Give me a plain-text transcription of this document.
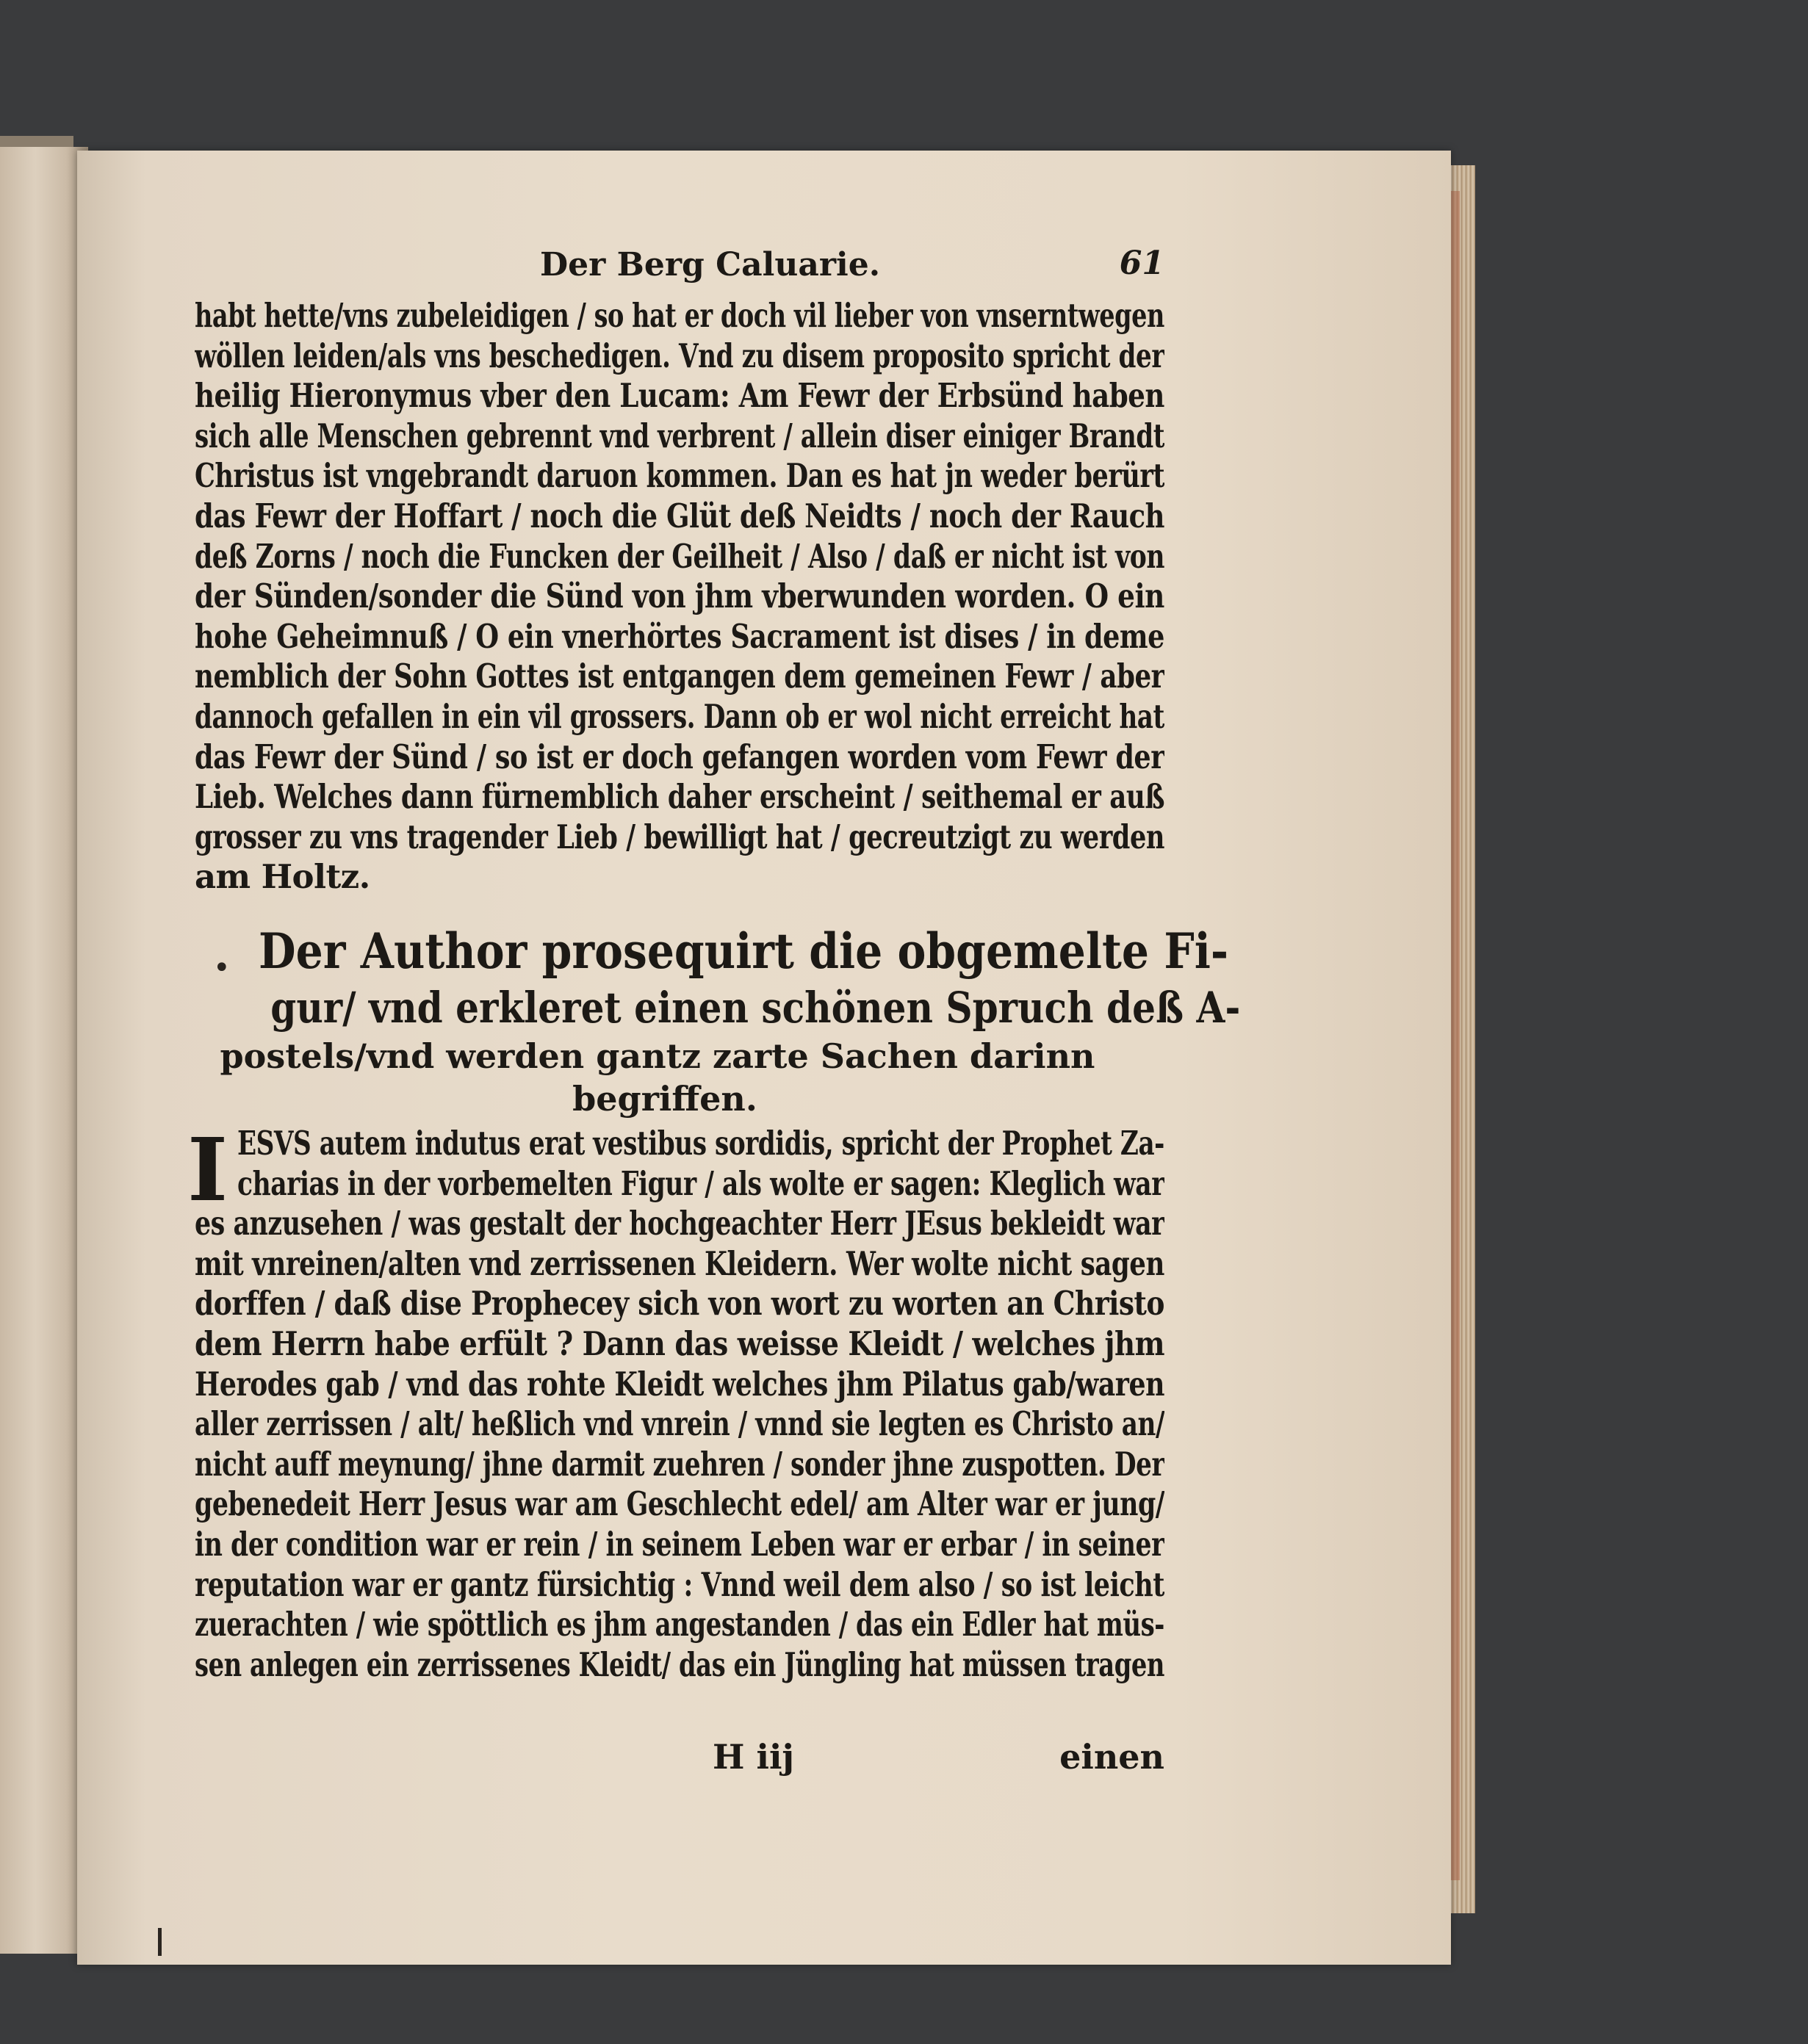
•
Der Berg Caluarie.	61
habt hette/vns zubeleidigen / so hat er doch vil lieber von vnserntwegen
wöllen leiden/als vns beschedigen. Vnd zu disem proposito spricht der
heilig Hieronymus vber den Lucam: Am Fewr der Erbsünd haben
sich alle Menschen gebrennt vnd verbrent / allein diser einiger Brandt
Christus ist vngebrandt daruon kommen. Dan es hat jn weder berürt
das Fewr der Hoffart / noch die Glüt deß Neidts / noch der Rauch
deß Zorns / noch die Funcken der Geilheit / Also / daß er nicht ist von
der Sünden/sonder die Sünd von jhm vberwunden worden. O ein
hohe Geheimnuß / O ein vnerhörtes Sacrament ist dises / in deme
nemblich der Sohn Gottes ist entgangen dem gemeinen Fewr / aber
dannoch gefallen in ein vil grossers. Dann ob er wol nicht erreicht hat
das Fewr der Sünd / so ist er doch gefangen worden vom Fewr der
Lieb. Welches dann fürnemblich daher erscheint / seithemal er auß
grosser zu vns tragender Lieb / bewilligt hat / gecreutzigt zu werden
am Holtz.
Der Author prosequirt die obgemelte Fi-
gur/ vnd erkleret einen schönen Spruch deß A-
postels/vnd werden gantz zarte Sachen darinn
begriffen.
I ESVS autem indutus erat vestibus sordidis, spricht der Prophet Za-
charias in der vorbemelten Figur / als wolte er sagen: Kleglich war
es anzusehen / was gestalt der hochgeachter Herr JEsus bekleidt war
mit vnreinen/alten vnd zerrissenen Kleidern. Wer wolte nicht sagen
dorffen / daß dise Prophecey sich von wort zu worten an Christo
dem Herrn habe erfült ? Dann das weisse Kleidt / welches jhm
Herodes gab / vnd das rohte Kleidt welches jhm Pilatus gab/waren
aller zerrissen / alt/ heßlich vnd vnrein / vnnd sie legten es Christo an/
nicht auff meynung/ jhne darmit zuehren / sonder jhne zuspotten. Der
gebenedeit Herr Jesus war am Geschlecht edel/ am Alter war er jung/
in der condition war er rein / in seinem Leben war er erbar / in seiner
reputation war er gantz fürsichtig : Vnnd weil dem also / so ist leicht
zuerachten / wie spöttlich es jhm angestanden / das ein Edler hat müs-
sen anlegen ein zerrissenes Kleidt/ das ein Jüngling hat müssen tragen
H iij	einen
